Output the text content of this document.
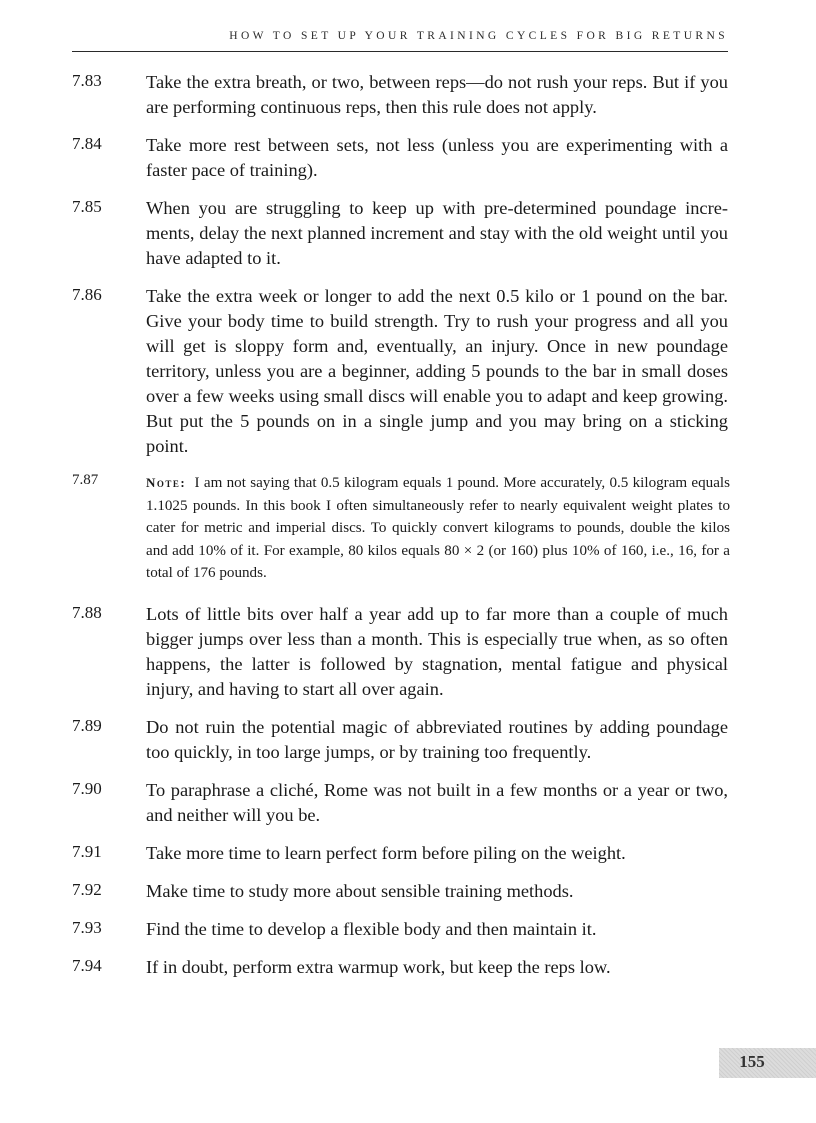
HOW TO SET UP YOUR TRAINING CYCLES FOR BIG RETURNS
7.83 Take the extra breath, or two, between reps—do not rush your reps. But if you are performing continuous reps, then this rule does not apply.
7.84 Take more rest between sets, not less (unless you are experimenting with a faster pace of training).
7.85 When you are struggling to keep up with pre-determined poundage increments, delay the next planned increment and stay with the old weight until you have adapted to it.
7.86 Take the extra week or longer to add the next 0.5 kilo or 1 pound on the bar. Give your body time to build strength. Try to rush your progress and all you will get is sloppy form and, eventually, an injury. Once in new poundage territory, unless you are a beginner, adding 5 pounds to the bar in small doses over a few weeks using small discs will enable you to adapt and keep growing. But put the 5 pounds on in a single jump and you may bring on a sticking point.
7.87	Note: I am not saying that 0.5 kilogram equals 1 pound. More accurately, 0.5 kilogram equals 1.1025 pounds. In this book I often simultaneously refer to nearly equivalent weight plates to cater for metric and imperial discs. To quickly convert kilograms to pounds, double the kilos and add 10% of it. For example, 80 kilos equals 80 × 2 (or 160) plus 10% of 160, i.e., 16, for a total of 176 pounds.
7.88 Lots of little bits over half a year add up to far more than a couple of much bigger jumps over less than a month. This is especially true when, as so often happens, the latter is followed by stagnation, mental fatigue and physical injury, and having to start all over again.
7.89 Do not ruin the potential magic of abbreviated routines by adding poundage too quickly, in too large jumps, or by training too frequently.
7.90 To paraphrase a cliché, Rome was not built in a few months or a year or two, and neither will you be.
7.91 Take more time to learn perfect form before piling on the weight.
7.92 Make time to study more about sensible training methods.
7.93 Find the time to develop a flexible body and then maintain it.
7.94 If in doubt, perform extra warmup work, but keep the reps low.
155
